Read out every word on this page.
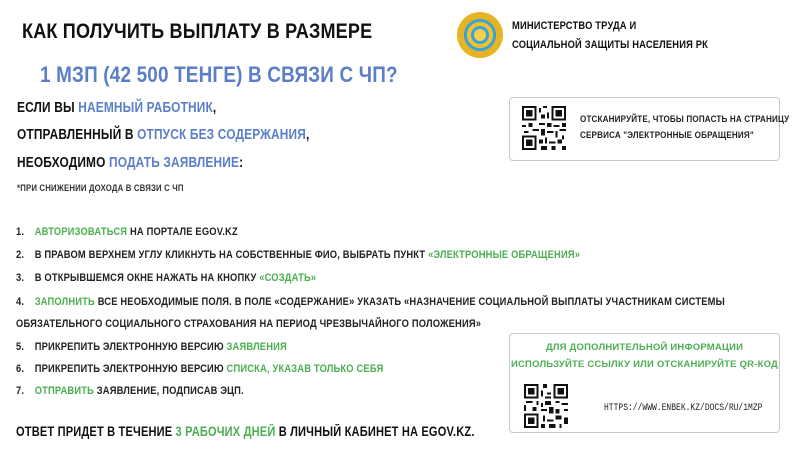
КАК ПОЛУЧИТЬ ВЫПЛАТУ В РАЗМЕРЕ
1 МЗП (42 500 ТЕНГЕ) В СВЯЗИ С ЧП?
ЕСЛИ ВЫ НАЕМНЫЙ РАБОТНИК,
ОТПРАВЛЕННЫЙ В ОТПУСК БЕЗ СОДЕРЖАНИЯ,
НЕОБХОДИМО ПОДАТЬ ЗАЯВЛЕНИЕ:
*ПРИ СНИЖЕНИИ ДОХОДА В СВЯЗИ С ЧП
1. АВТОРИЗОВАТЬСЯ НА ПОРТАЛЕ EGOV.KZ
2. В ПРАВОМ ВЕРХНЕМ УГЛУ КЛИКНУТЬ НА СОБСТВЕННЫЕ ФИО, ВЫБРАТЬ ПУНКТ «ЭЛЕКТРОННЫЕ ОБРАЩЕНИЯ»
3. В ОТКРЫВШЕМСЯ ОКНЕ НАЖАТЬ НА КНОПКУ «СОЗДАТЬ»
4. ЗАПОЛНИТЬ ВСЕ НЕОБХОДИМЫЕ ПОЛЯ. В ПОЛЕ «СОДЕРЖАНИЕ» УКАЗАТЬ «НАЗНАЧЕНИЕ СОЦИАЛЬНОЙ ВЫПЛАТЫ УЧАСТНИКАМ СИСТЕМЫ
ОБЯЗАТЕЛЬНОГО СОЦИАЛЬНОГО СТРАХОВАНИЯ НА ПЕРИОД ЧРЕЗВЫЧАЙНОГО ПОЛОЖЕНИЯ»
5. ПРИКРЕПИТЬ ЭЛЕКТРОННУЮ ВЕРСИЮ ЗАЯВЛЕНИЯ
6. ПРИКРЕПИТЬ ЭЛЕКТРОННУЮ ВЕРСИЮ СПИСКА, УКАЗАВ ТОЛЬКО СЕБЯ
7. ОТПРАВИТЬ ЗАЯВЛЕНИЕ, ПОДПИСАВ ЭЦП.
ОТВЕТ ПРИДЕТ В ТЕЧЕНИЕ 3 РАБОЧИХ ДНЕЙ В ЛИЧНЫЙ КАБИНЕТ НА EGOV.KZ.
МИНИСТЕРСТВО ТРУДА И
СОЦИАЛЬНОЙ ЗАЩИТЫ НАСЕЛЕНИЯ РК
ОТСКАНИРУЙТЕ, ЧТОБЫ ПОПАСТЬ НА СТРАНИЦУ
СЕРВИСА "ЭЛЕКТРОННЫЕ ОБРАЩЕНИЯ"
ДЛЯ ДОПОЛНИТЕЛЬНОЙ ИНФОРМАЦИИ
ИСПОЛЬЗУЙТЕ ССЫЛКУ ИЛИ ОТСКАНИРУЙТЕ QR-КОД
HTTPS://WWW.ENBEK.KZ/DOCS/RU/1MZP
